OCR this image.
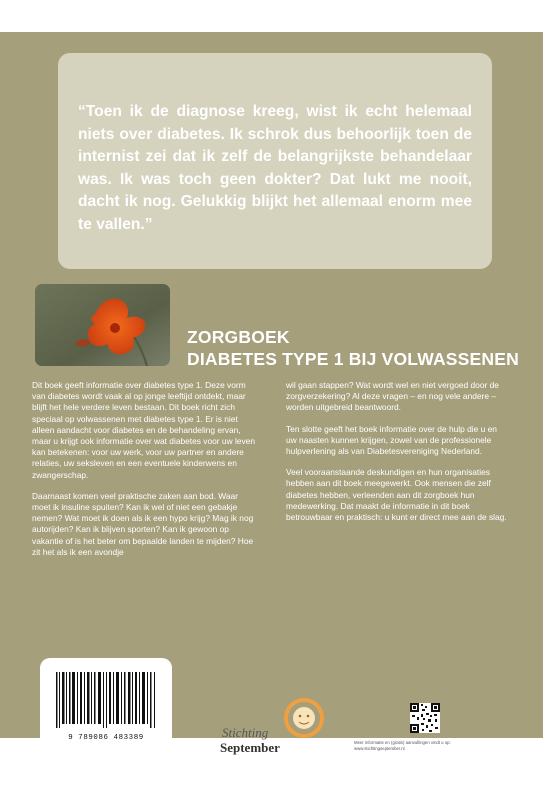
“Toen ik de diagnose kreeg, wist ik echt helemaal niets over diabetes. Ik schrok dus behoorlijk toen de internist zei dat ik zelf de belangrijkste behandelaar was. Ik was toch geen dokter? Dat lukt me nooit, dacht ik nog. Gelukkig blijkt het allemaal enorm mee te vallen.”

ZORGBOEK
DIABETES TYPE 1 BIJ VOLWASSENEN

Dit boek geeft informatie over diabetes type 1. Deze vorm van diabetes wordt vaak al op jonge leeftijd ontdekt, maar blijft het hele verdere leven bestaan. Dit boek richt zich speciaal op volwassenen met diabetes type 1. Er is niet alleen aandacht voor diabetes en de behandeling ervan, maar u krijgt ook informatie over wat diabetes voor uw leven kan betekenen: voor uw werk, voor uw partner en andere relaties, uw seksleven en een eventuele kinderwens en zwangerschap.

Daarnaast komen veel praktische zaken aan bod. Waar moet ik insuline spuiten? Kan ik wel of niet een gebakje nemen? Wat moet ik doen als ik een hypo krijg? Mag ik nog autorijden? Kan ik blijven sporten? Kan ik gewoon op vakantie of is het beter om bepaalde landen te mijden? Hoe zit het als ik een avondje

wil gaan stappen? Wat wordt wel en niet vergoed door de zorgverzekering? Al deze vragen – en nog vele andere – worden uitgebreid beantwoord.

Ten slotte geeft het boek informatie over de hulp die u en uw naasten kunnen krijgen, zowel van de professionele hulpverlening als van Diabetesvereniging Nederland.

Veel vooraanstaande deskundigen en hun organisaties hebben aan dit boek meegewerkt. Ook mensen die zelf diabetes hebben, verleenden aan dit zorgboek hun medewerking. Dat maakt de informatie in dit boek betrouwbaar en praktisch: u kunt er direct mee aan de slag.

9 789086 483389	Stichting
September	Meer informatie en (gratis) aanvullingen vindt u op:
www.stichtingseptember.nl
